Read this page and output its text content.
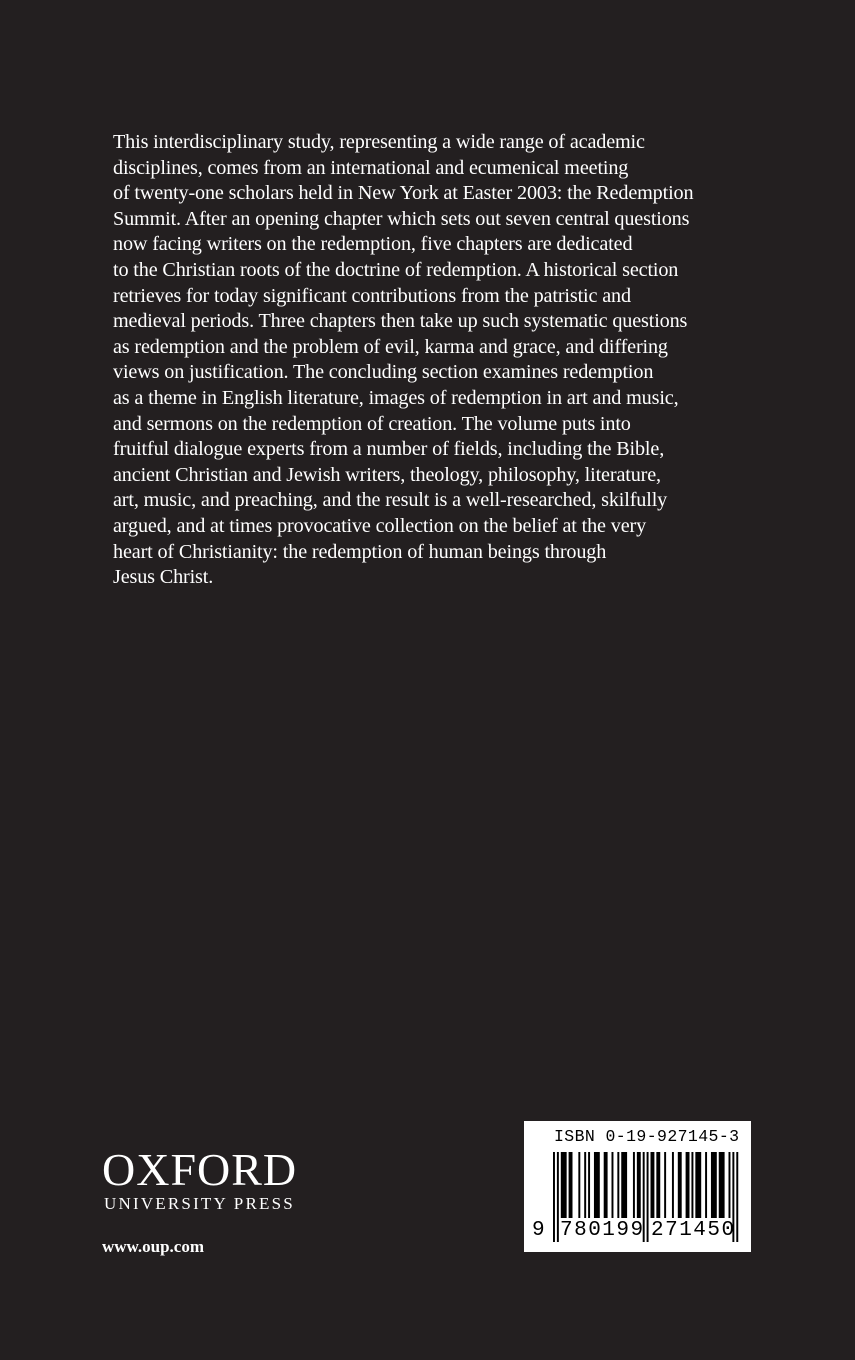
This interdisciplinary study, representing a wide range of academic
disciplines, comes from an international and ecumenical meeting
of twenty-one scholars held in New York at Easter 2003: the Redemption
Summit. After an opening chapter which sets out seven central questions
now facing writers on the redemption, five chapters are dedicated
to the Christian roots of the doctrine of redemption. A historical section
retrieves for today significant contributions from the patristic and
medieval periods. Three chapters then take up such systematic questions
as redemption and the problem of evil, karma and grace, and differing
views on justification. The concluding section examines redemption
as a theme in English literature, images of redemption in art and music,
and sermons on the redemption of creation. The volume puts into
fruitful dialogue experts from a number of fields, including the Bible,
ancient Christian and Jewish writers, theology, philosophy, literature,
art, music, and preaching, and the result is a well-researched, skilfully
argued, and at times provocative collection on the belief at the very
heart of Christianity: the redemption of human beings through
Jesus Christ.
OXFORD
UNIVERSITY PRESS
www.oup.com
ISBN 0-19-927145-3
9 780199 271450
